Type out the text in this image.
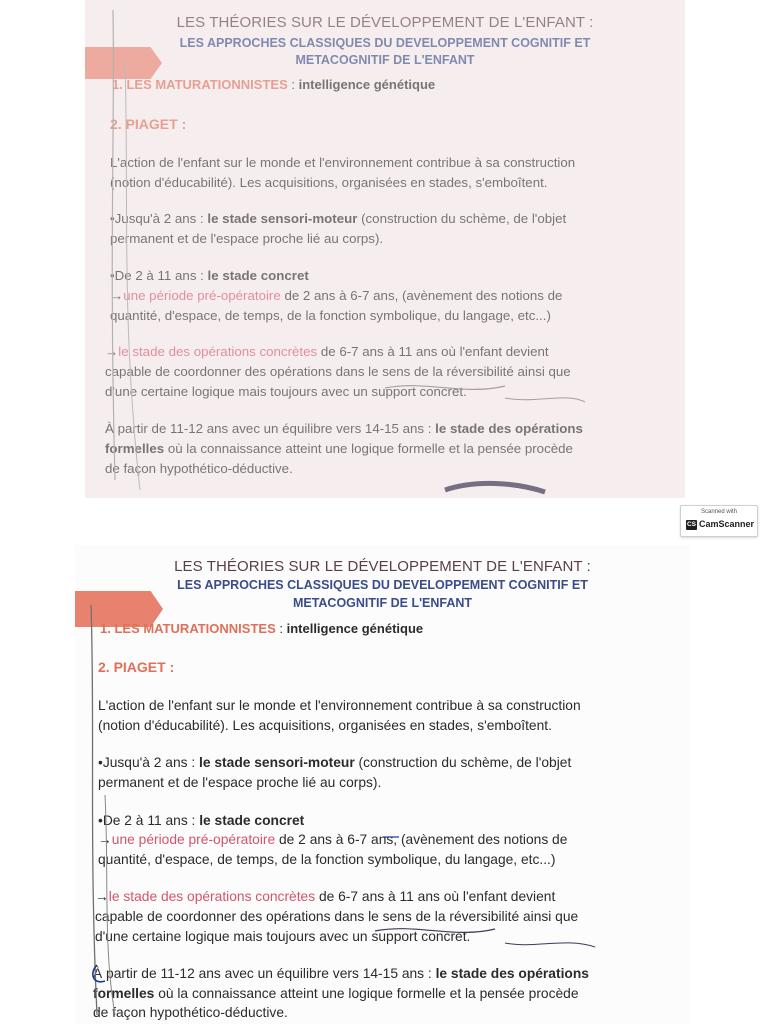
LES THÉORIES SUR LE DÉVELOPPEMENT DE L'ENFANT :
LES APPROCHES CLASSIQUES DU DEVELOPPEMENT COGNITIF ET
METACOGNITIF DE L'ENFANT
1. LES MATURATIONNISTES : intelligence génétique
2. PIAGET :
L'action de l'enfant sur le monde et l'environnement contribue à sa construction
(notion d'éducabilité). Les acquisitions, organisées en stades, s'emboîtent.
•Jusqu'à 2 ans : le stade sensori-moteur (construction du schème, de l'objet
permanent et de l'espace proche lié au corps).
•De 2 à 11 ans : le stade concret
→une période pré-opératoire de 2 ans à 6-7 ans, (avènement des notions de
quantité, d'espace, de temps, de la fonction symbolique, du langage, etc...)
→le stade des opérations concrètes de 6-7 ans à 11 ans où l'enfant devient
capable de coordonner des opérations dans le sens de la réversibilité ainsi que
d'une certaine logique mais toujours avec un support concret.
À partir de 11-12 ans avec un équilibre vers 14-15 ans : le stade des opérations
formelles où la connaissance atteint une logique formelle et la pensée procède
de façon hypothético-déductive.
Scanned with
CS CamScanner
LES THÉORIES SUR LE DÉVELOPPEMENT DE L'ENFANT :
LES APPROCHES CLASSIQUES DU DEVELOPPEMENT COGNITIF ET
METACOGNITIF DE L'ENFANT
1. LES MATURATIONNISTES : intelligence génétique
2. PIAGET :
L'action de l'enfant sur le monde et l'environnement contribue à sa construction
(notion d'éducabilité). Les acquisitions, organisées en stades, s'emboîtent.
•Jusqu'à 2 ans : le stade sensori-moteur (construction du schème, de l'objet
permanent et de l'espace proche lié au corps).
•De 2 à 11 ans : le stade concret
→une période pré-opératoire de 2 ans à 6-7 ans, (avènement des notions de
quantité, d'espace, de temps, de la fonction symbolique, du langage, etc...)
→le stade des opérations concrètes de 6-7 ans à 11 ans où l'enfant devient
capable de coordonner des opérations dans le sens de la réversibilité ainsi que
d'une certaine logique mais toujours avec un support concret.
À partir de 11-12 ans avec un équilibre vers 14-15 ans : le stade des opérations
formelles où la connaissance atteint une logique formelle et la pensée procède
de façon hypothético-déductive.
